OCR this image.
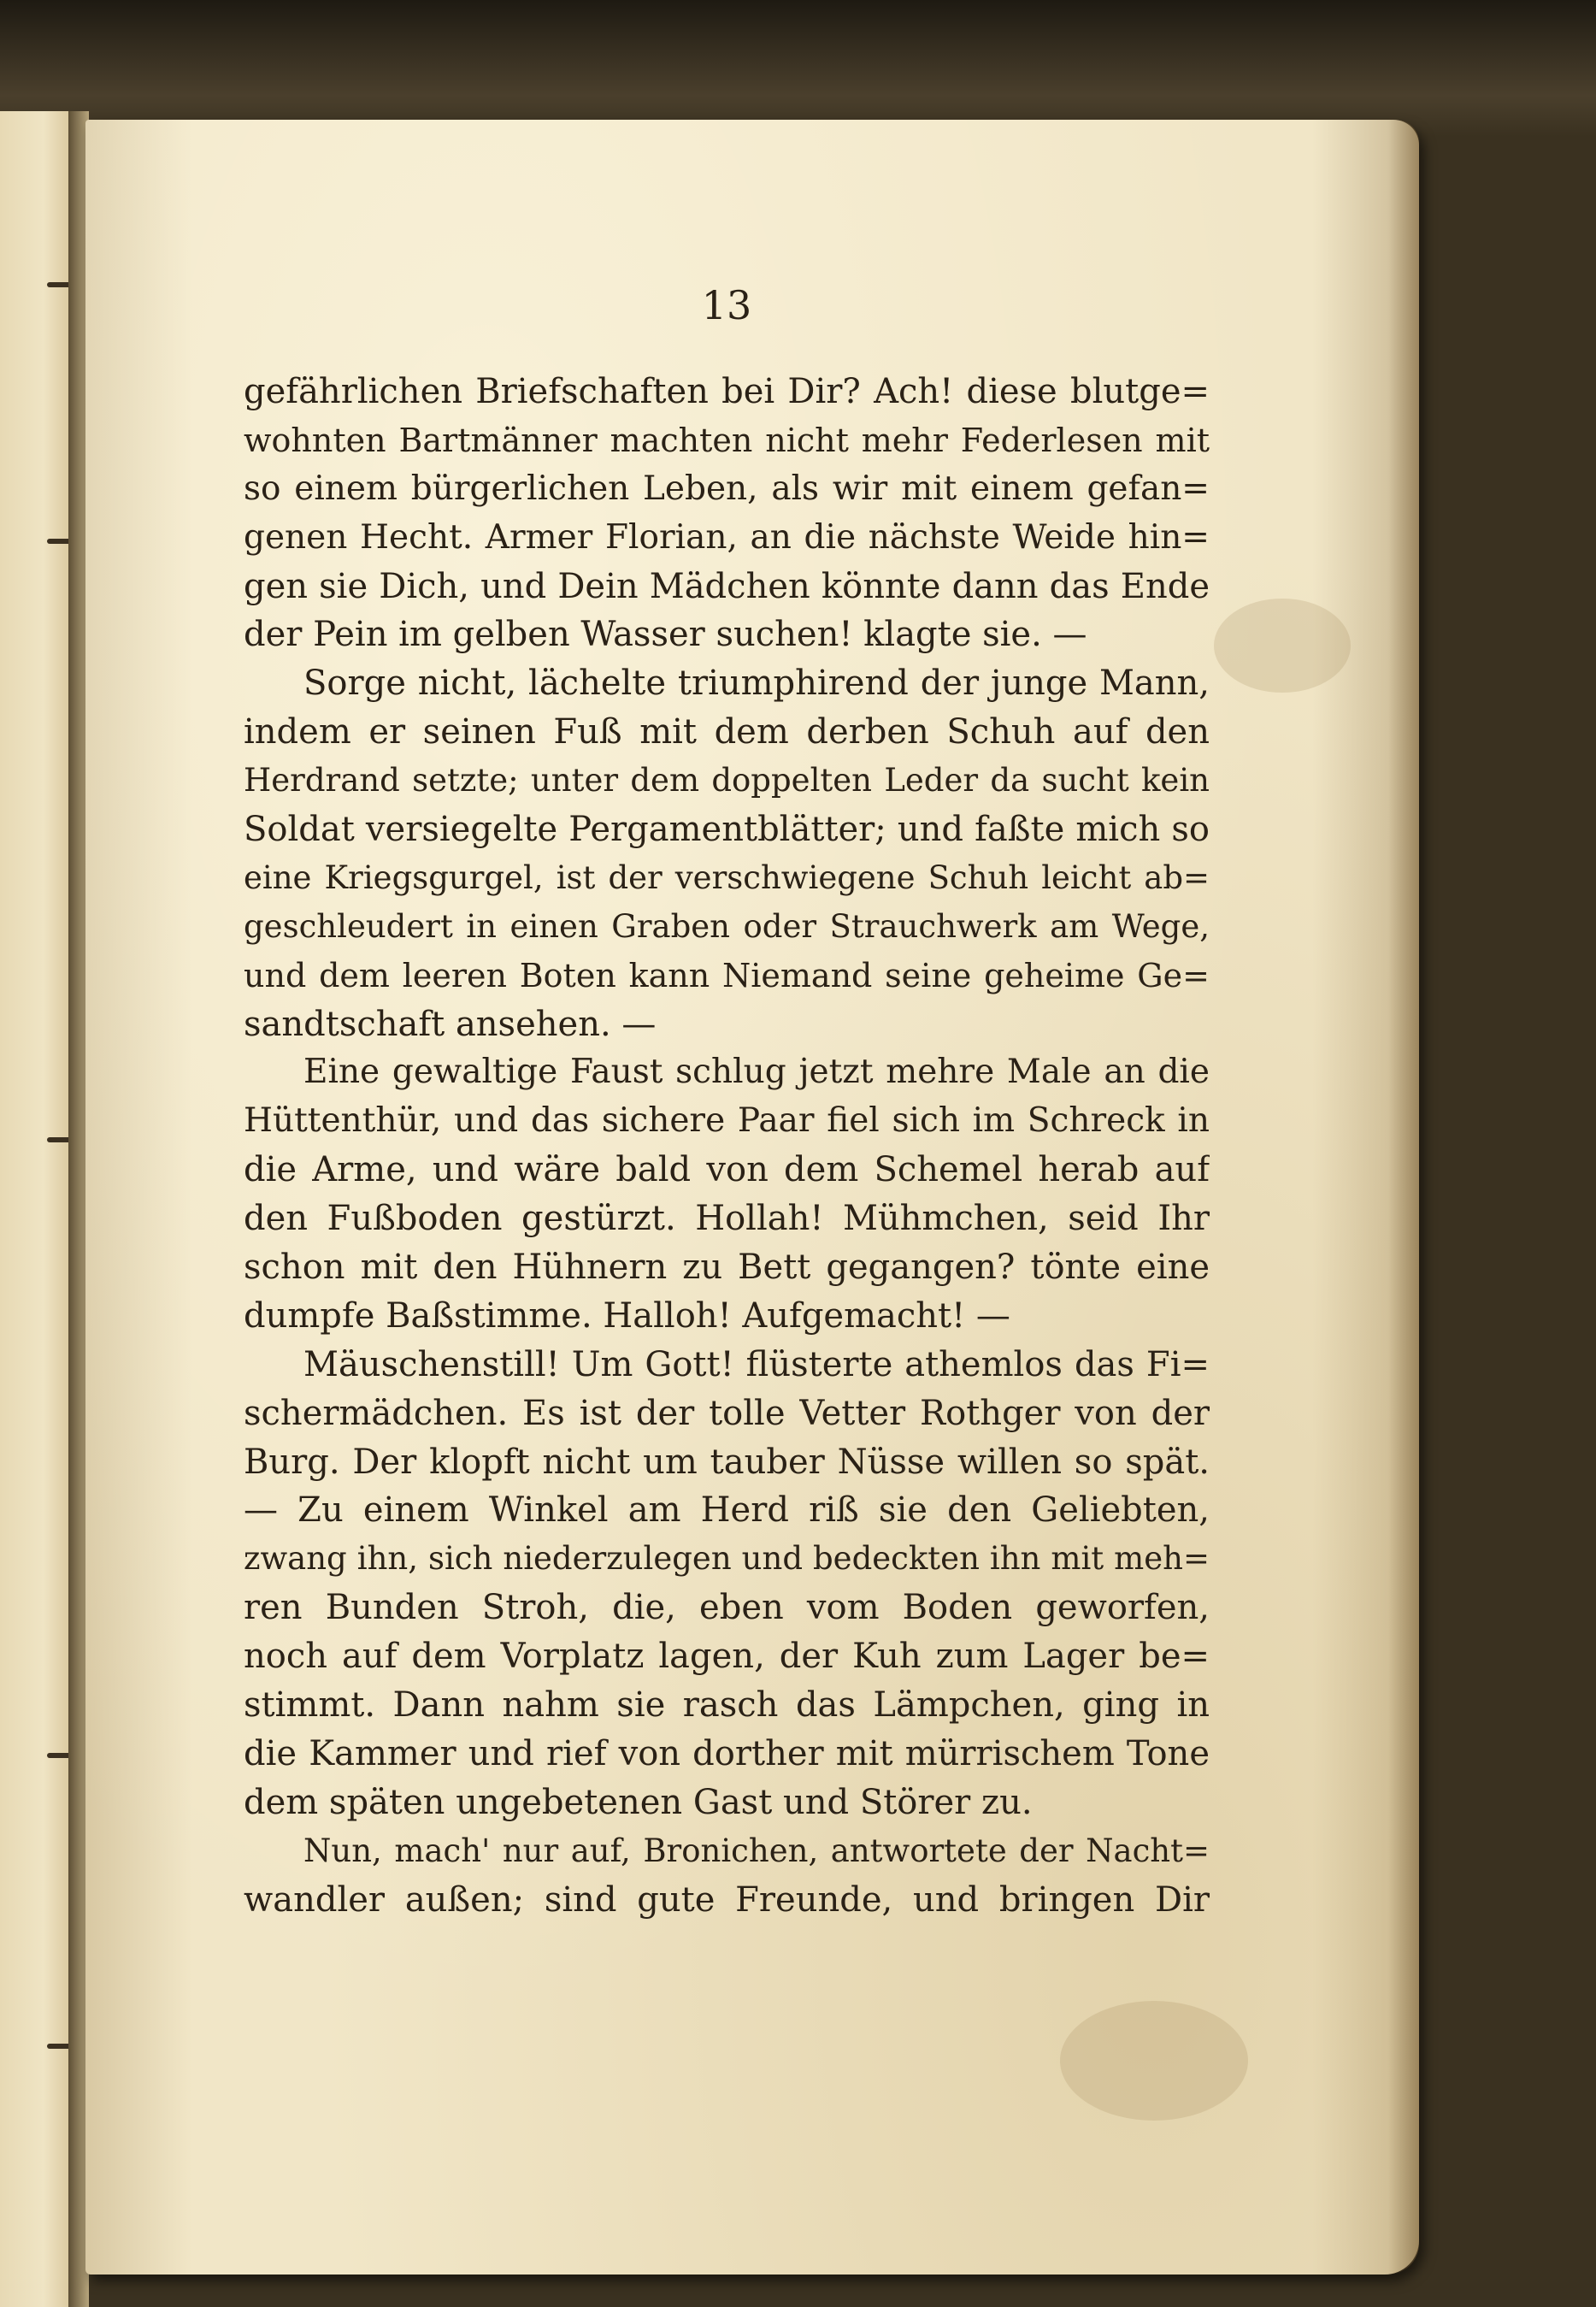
13
gefährlichen Briefschaften bei Dir? Ach! diese blutge=
wohnten Bartmänner machten nicht mehr Federlesen mit
so einem bürgerlichen Leben, als wir mit einem gefan=
genen Hecht. Armer Florian, an die nächste Weide hin=
gen sie Dich, und Dein Mädchen könnte dann das Ende
der Pein im gelben Wasser suchen! klagte sie. —
Sorge nicht, lächelte triumphirend der junge Mann,
indem er seinen Fuß mit dem derben Schuh auf den
Herdrand setzte; unter dem doppelten Leder da sucht kein
Soldat versiegelte Pergamentblätter; und faßte mich so
eine Kriegsgurgel, ist der verschwiegene Schuh leicht ab=
geschleudert in einen Graben oder Strauchwerk am Wege,
und dem leeren Boten kann Niemand seine geheime Ge=
sandtschaft ansehen. —
Eine gewaltige Faust schlug jetzt mehre Male an die
Hüttenthür, und das sichere Paar fiel sich im Schreck in
die Arme, und wäre bald von dem Schemel herab auf
den Fußboden gestürzt. Hollah! Mühmchen, seid Ihr
schon mit den Hühnern zu Bett gegangen? tönte eine
dumpfe Baßstimme. Halloh! Aufgemacht! —
Mäuschenstill! Um Gott! flüsterte athemlos das Fi=
schermädchen. Es ist der tolle Vetter Rothger von der
Burg. Der klopft nicht um tauber Nüsse willen so spät.
— Zu einem Winkel am Herd riß sie den Geliebten,
zwang ihn, sich niederzulegen und bedeckten ihn mit meh=
ren Bunden Stroh, die, eben vom Boden geworfen,
noch auf dem Vorplatz lagen, der Kuh zum Lager be=
stimmt. Dann nahm sie rasch das Lämpchen, ging in
die Kammer und rief von dorther mit mürrischem Tone
dem späten ungebetenen Gast und Störer zu.
Nun, mach' nur auf, Bronichen, antwortete der Nacht=
wandler außen; sind gute Freunde, und bringen Dir
